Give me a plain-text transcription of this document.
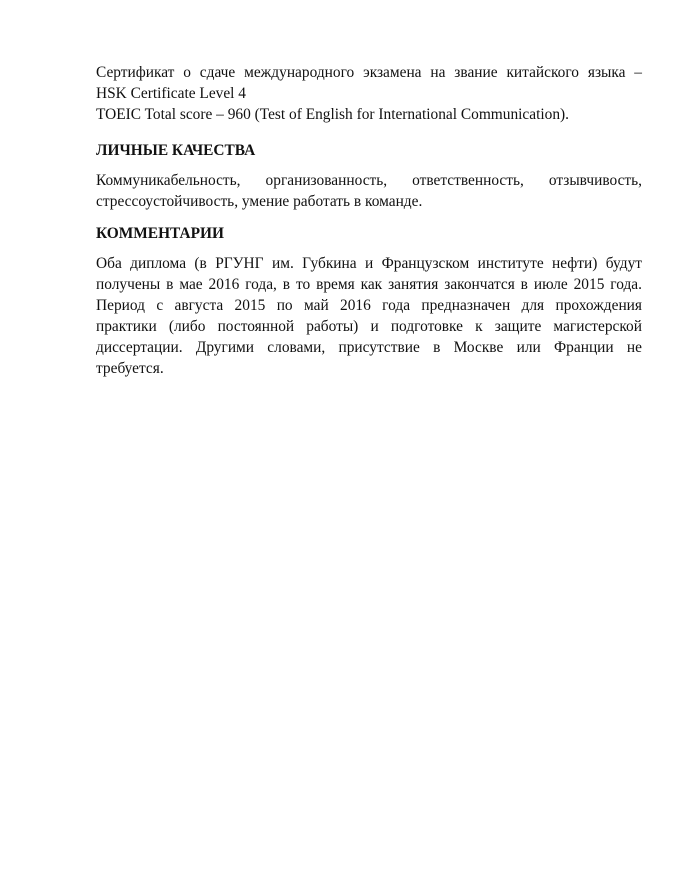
Сертификат о сдаче международного экзамена на звание китайского языка –
HSK Certificate Level 4
TOEIC Total score – 960 (Test of English for International Communication).
ЛИЧНЫЕ КАЧЕСТВА
Коммуникабельность, организованность, ответственность, отзывчивость,
стрессоустойчивость, умение работать в команде.
КОММЕНТАРИИ
Оба диплома (в РГУНГ им. Губкина и Французском институте нефти) будут
получены в мае 2016 года, в то время как занятия закончатся в июле 2015 года.
Период с августа 2015 по май 2016 года предназначен для прохождения
практики (либо постоянной работы) и подготовке к защите магистерской
диссертации. Другими словами, присутствие в Москве или Франции не
требуется.
